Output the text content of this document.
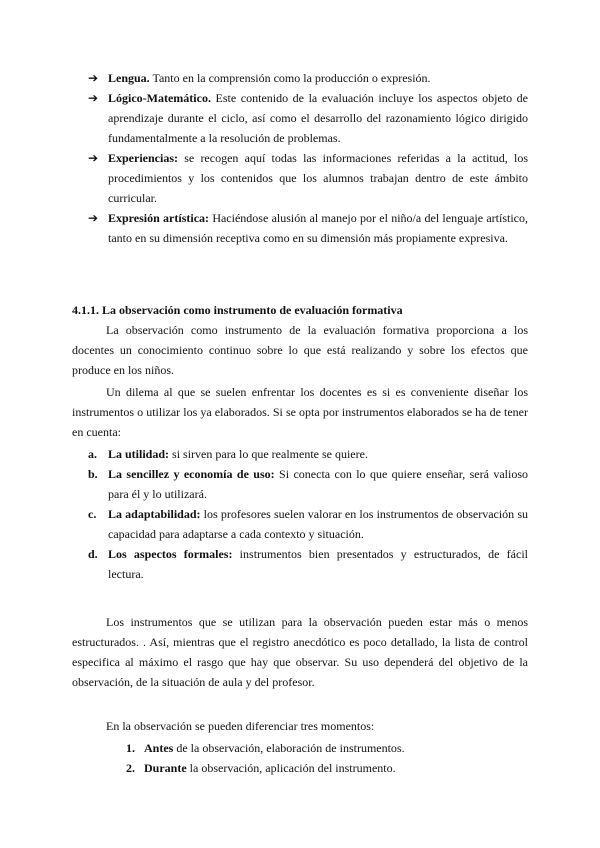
➔ Lengua. Tanto en la comprensión como la producción o expresión.
➔ Lógico-Matemático. Este contenido de la evaluación incluye los aspectos objeto de aprendizaje durante el ciclo, así como el desarrollo del razonamiento lógico dirigido fundamentalmente a la resolución de problemas.
➔ Experiencias: se recogen aquí todas las informaciones referidas a la actitud, los procedimientos y los contenidos que los alumnos trabajan dentro de este ámbito curricular.
➔ Expresión artística: Haciéndose alusión al manejo por el niño/a del lenguaje artístico, tanto en su dimensión receptiva como en su dimensión más propiamente expresiva.
4.1.1. La observación como instrumento de evaluación formativa
La observación como instrumento de la evaluación formativa proporciona a los docentes un conocimiento continuo sobre lo que está realizando y sobre los efectos que produce en los niños.
Un dilema al que se suelen enfrentar los docentes es si es conveniente diseñar los instrumentos o utilizar los ya elaborados. Si se opta por instrumentos elaborados se ha de tener en cuenta:
a. La utilidad: si sirven para lo que realmente se quiere.
b. La sencillez y economía de uso: Si conecta con lo que quiere enseñar, será valioso para él y lo utilizará.
c. La adaptabilidad: los profesores suelen valorar en los instrumentos de observación su capacidad para adaptarse a cada contexto y situación.
d. Los aspectos formales: instrumentos bien presentados y estructurados, de fácil lectura.
Los instrumentos que se utilizan para la observación pueden estar más o menos estructurados. . Así, mientras que el registro anecdótico es poco detallado, la lista de control especifica al máximo el rasgo que hay que observar. Su uso dependerá del objetivo de la observación, de la situación de aula y del profesor.
En la observación se pueden diferenciar tres momentos:
1. Antes de la observación, elaboración de instrumentos.
2. Durante la observación, aplicación del instrumento.
